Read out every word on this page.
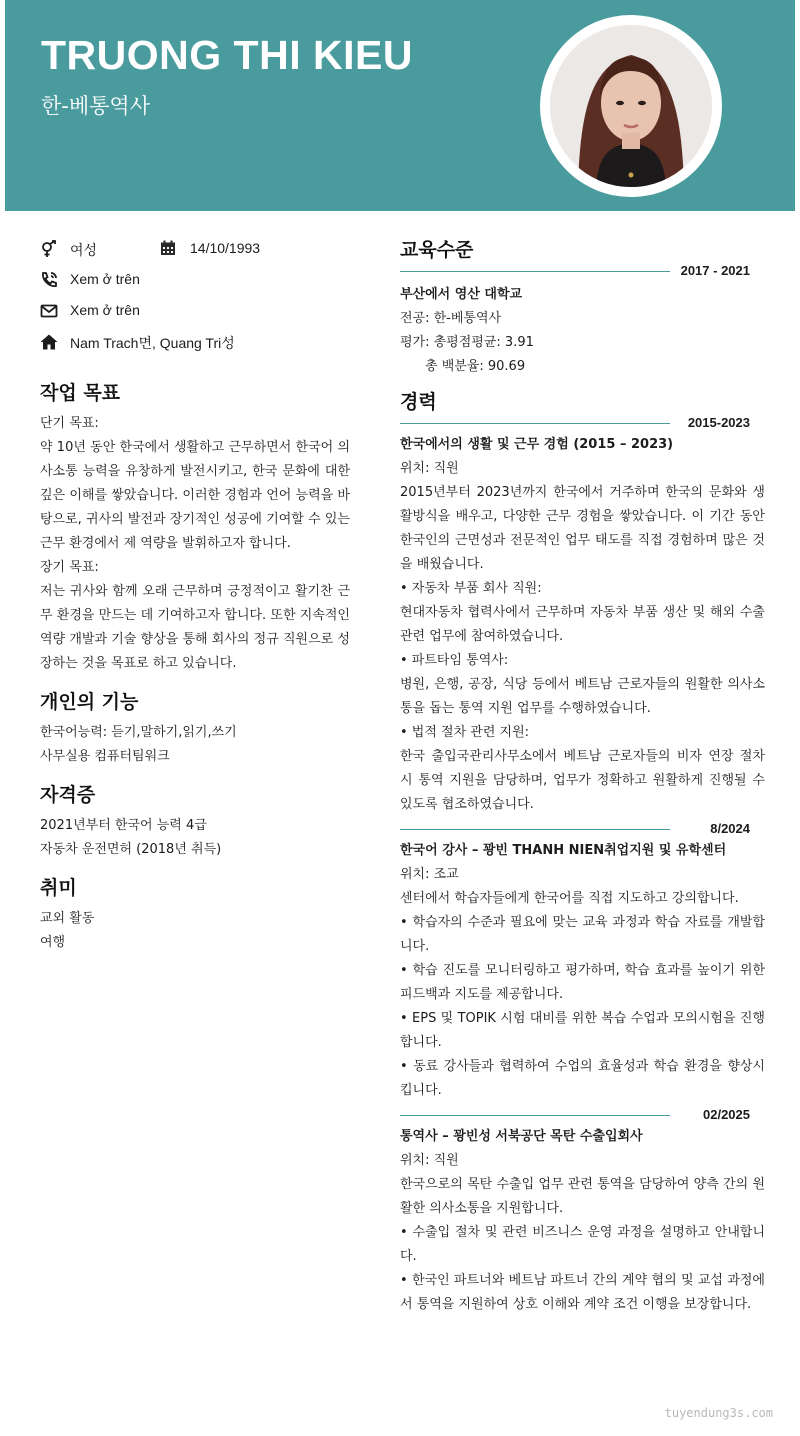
TRUONG THI KIEU
한-베통역사
여성	14/10/1993
Xem ở trên
Xem ở trên
Nam Trach면, Quang Tri성
작업 목표
단기 목표:
약 10년 동안 한국에서 생활하고 근무하면서 한국어 의사소통 능력을 유창하게 발전시키고, 한국 문화에 대한 깊은 이해를 쌓았습니다. 이러한 경험과 언어 능력을 바탕으로, 귀사의 발전과 장기적인 성공에 기여할 수 있는 근무 환경에서 제 역량을 발휘하고자 합니다.
장기 목표:
저는 귀사와 함께 오래 근무하며 긍정적이고 활기찬 근무 환경을 만드는 데 기여하고자 합니다. 또한 지속적인 역량 개발과 기술 향상을 통해 회사의 정규 직원으로 성장하는 것을 목표로 하고 있습니다.
개인의 기능
한국어능력: 듣기,말하기,읽기,쓰기
사무실용 컴퓨터팀워크
자격증
2021년부터 한국어 능력 4급
자동차 운전면허 (2018년 취득)
취미
교외 활동
여행
교육수준
2017 - 2021
부산에서 영산 대학교
전공: 한-베통역사
평가: 총평점평균: 3.91
총 백분율: 90.69
경력
2015-2023
한국에서의 생활 및 근무 경험 (2015 – 2023)
위치: 직원
2015년부터 2023년까지 한국에서 거주하며 한국의 문화와 생활방식을 배우고, 다양한 근무 경험을 쌓았습니다. 이 기간 동안 한국인의 근면성과 전문적인 업무 태도를 직접 경험하며 많은 것을 배웠습니다.
• 자동차 부품 회사 직원:
현대자동차 협력사에서 근무하며 자동차 부품 생산 및 해외 수출 관련 업무에 참여하였습니다.
• 파트타임 통역사:
병원, 은행, 공장, 식당 등에서 베트남 근로자들의 원활한 의사소통을 돕는 통역 지원 업무를 수행하였습니다.
• 법적 절차 관련 지원:
한국 출입국관리사무소에서 베트남 근로자들의 비자 연장 절차 시 통역 지원을 담당하며, 업무가 정확하고 원활하게 진행될 수 있도록 협조하였습니다.
8/2024
한국어 강사 – 꽝빈 THANH NIEN취업지원 및 유학센터
위치: 조교
센터에서 학습자들에게 한국어를 직접 지도하고 강의합니다.
• 학습자의 수준과 필요에 맞는 교육 과정과 학습 자료를 개발합니다.
• 학습 진도를 모니터링하고 평가하며, 학습 효과를 높이기 위한 피드백과 지도를 제공합니다.
• EPS 및 TOPIK 시험 대비를 위한 복습 수업과 모의시험을 진행합니다.
• 동료 강사들과 협력하여 수업의 효율성과 학습 환경을 향상시킵니다.
02/2025
통역사 – 꽝빈성 서북공단 목탄 수출입회사
위치: 직원
한국으로의 목탄 수출입 업무 관련 통역을 담당하여 양측 간의 원활한 의사소통을 지원합니다.
• 수출입 절차 및 관련 비즈니스 운영 과정을 설명하고 안내합니다.
• 한국인 파트너와 베트남 파트너 간의 계약 협의 및 교섭 과정에서 통역을 지원하여 상호 이해와 계약 조건 이행을 보장합니다.
tuyendung3s.com
